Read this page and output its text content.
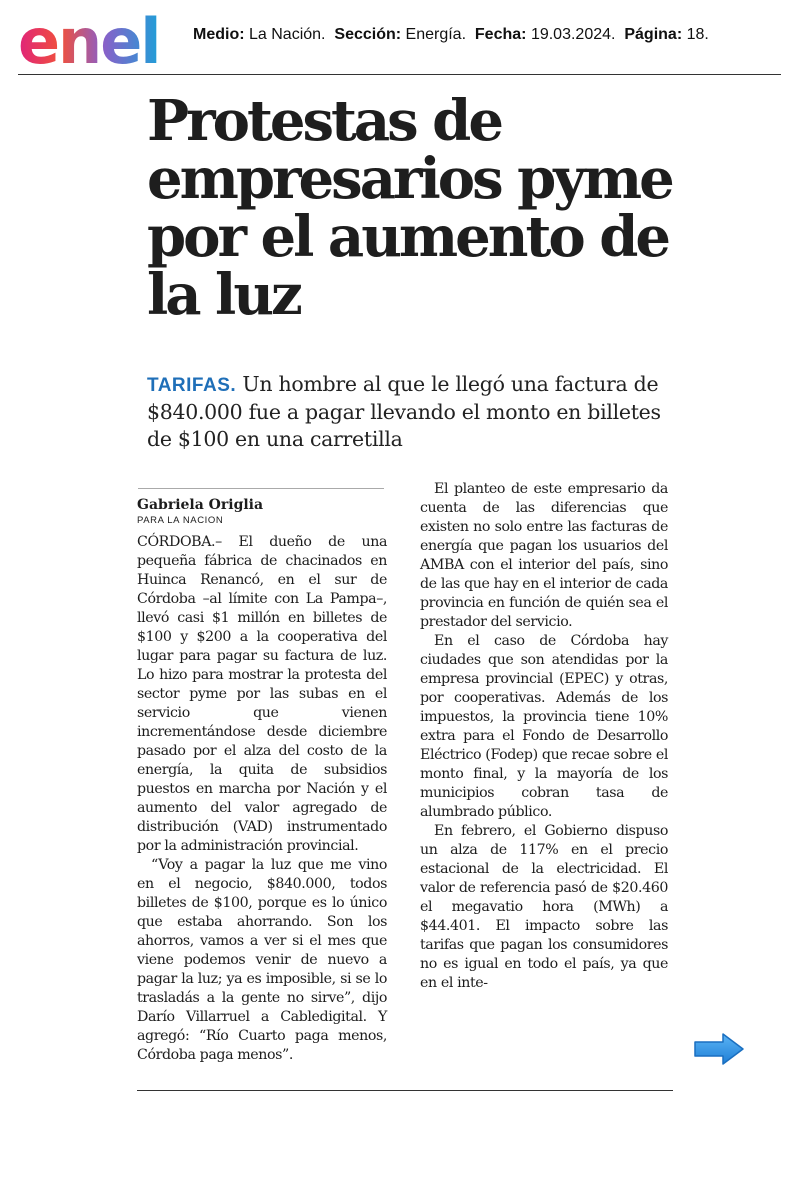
enel Medio: La Nación. Sección: Energía. Fecha: 19.03.2024. Página: 18.
Protestas de empresarios pyme por el aumento de la luz
TARIFAS. Un hombre al que le llegó una factura de $840.000 fue a pagar llevando el monto en billetes de $100 en una carretilla

Gabriela Origlia

PARA LA NACION

CÓRDOBA.– El dueño de una pequeña fábrica de chacinados en Huinca Renancó, en el sur de Córdoba –al límite con La Pampa–, llevó casi $1 millón en billetes de $100 y $200 a la cooperativa del lugar para pagar su factura de luz. Lo hizo para mostrar la protesta del sector pyme por las subas en el servicio que vienen incrementándose desde diciembre pasado por el alza del costo de la energía, la quita de subsidios puestos en marcha por Nación y el aumento del valor agregado de distribución (VAD) instrumentado por la administración provincial.

“Voy a pagar la luz que me vino en el negocio, $840.000, todos billetes de $100, porque es lo único que estaba ahorrando. Son los ahorros, vamos a ver si el mes que viene podemos venir de nuevo a pagar la luz; ya es imposible, si se lo trasladás a la gente no sirve”, dijo Darío Villarruel a Cabledigital. Y agregó: “Río Cuarto paga menos, Córdoba paga menos”.

El planteo de este empresario da cuenta de las diferencias que existen no solo entre las facturas de energía que pagan los usuarios del AMBA con el interior del país, sino de las que hay en el interior de cada provincia en función de quién sea el prestador del servicio.

En el caso de Córdoba hay ciudades que son atendidas por la empresa provincial (EPEC) y otras, por cooperativas. Además de los impuestos, la provincia tiene 10% extra para el Fondo de Desarrollo Eléctrico (Fodep) que recae sobre el monto final, y la mayoría de los municipios cobran tasa de alumbrado público.

En febrero, el Gobierno dispuso un alza de 117% en el precio estacional de la electricidad. El valor de referencia pasó de $20.460 el megavatio hora (MWh) a $44.401. El impacto sobre las tarifas que pagan los consumidores no es igual en todo el país, ya que en el inte-
